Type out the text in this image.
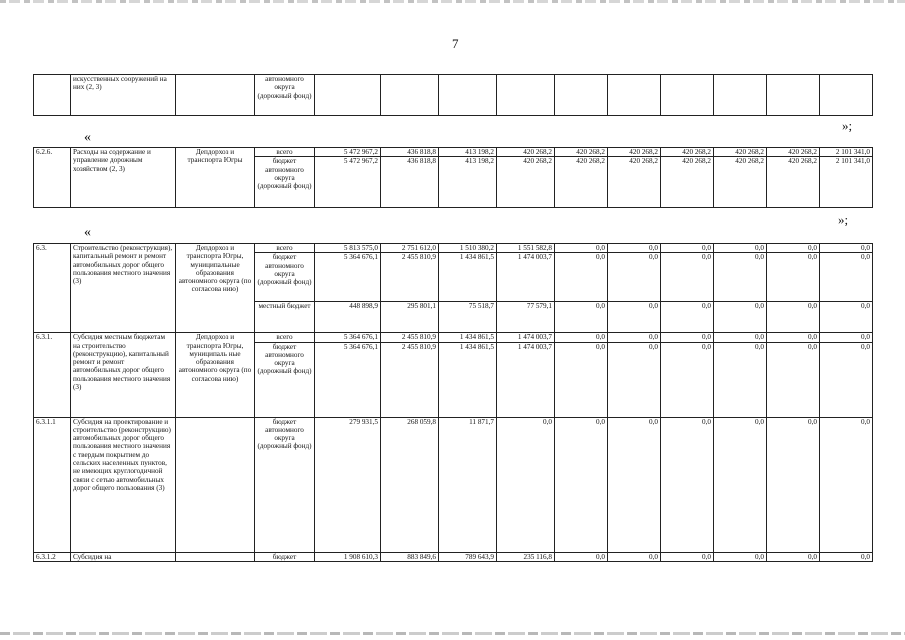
7
	искусственных сооружений на них (2, 3)		автономного округа (дорожный фонд)										
»;
«
6.2.6.	Расходы на содержание и управление дорожным хозяйством (2, 3)	Дeпдорхоз и транспорта Югры	всего	5 472 967,2	436 818,8	413 198,2	420 268,2	420 268,2	420 268,2	420 268,2	420 268,2	420 268,2	2 101 341,0
			бюджет автономного округа (дорожный фонд)	5 472 967,2	436 818,8	413 198,2	420 268,2	420 268,2	420 268,2	420 268,2	420 268,2	420 268,2	2 101 341,0
»;
«
6.3.	Строительство (реконструкция), капитальный ремонт и ремонт автомобильных дорог общего пользования местного значения (3)	Депдорхоз и транспорта Югры, муниципальные образования автономного округа (по согласова нию)	всего	5 813 575,0	2 751 612,0	1 510 380,2	1 551 582,8	0,0	0,0	0,0	0,0	0,0	0,0
			бюджет автономного округа (дорожный фонд)	5 364 676,1	2 455 810,9	1 434 861,5	1 474 003,7	0,0	0,0	0,0	0,0	0,0	0,0
			местный бюджет	448 898,9	295 801,1	75 518,7	77 579,1	0,0	0,0	0,0	0,0	0,0	0,0
6.3.1.	Субсидия местным бюджетам на строительство (реконструкцию), капитальный ремонт и ремонт автомобильных дорог общего пользования местного значения (3)	Депдорхоз и транспорта Югры, муниципаль ные образования автономного округа (по согласова нию)	всего	5 364 676,1	2 455 810,9	1 434 861,5	1 474 003,7	0,0	0,0	0,0	0,0	0,0	0,0
			бюджет автономного округа (дорожный фонд)	5 364 676,1	2 455 810,9	1 434 861,5	1 474 003,7	0,0	0,0	0,0	0,0	0,0	0,0
6.3.1.1	Субсидия на проектирование и строительство (реконструкцию) автомобильных дорог общего пользования местного значения с твердым покрытием до сельских населенных пунктов, не имеющих круглогодичной связи с сетью автомобильных дорог общего пользования (3)		бюджет автономного округа (дорожный фонд)	279 931,5	268 059,8	11 871,7	0,0	0,0	0,0	0,0	0,0	0,0	0,0
6.3.1.2	Субсидия на		бюджет	1 908 610,3	883 849,6	789 643,9	235 116,8	0,0	0,0	0,0	0,0	0,0	0,0
